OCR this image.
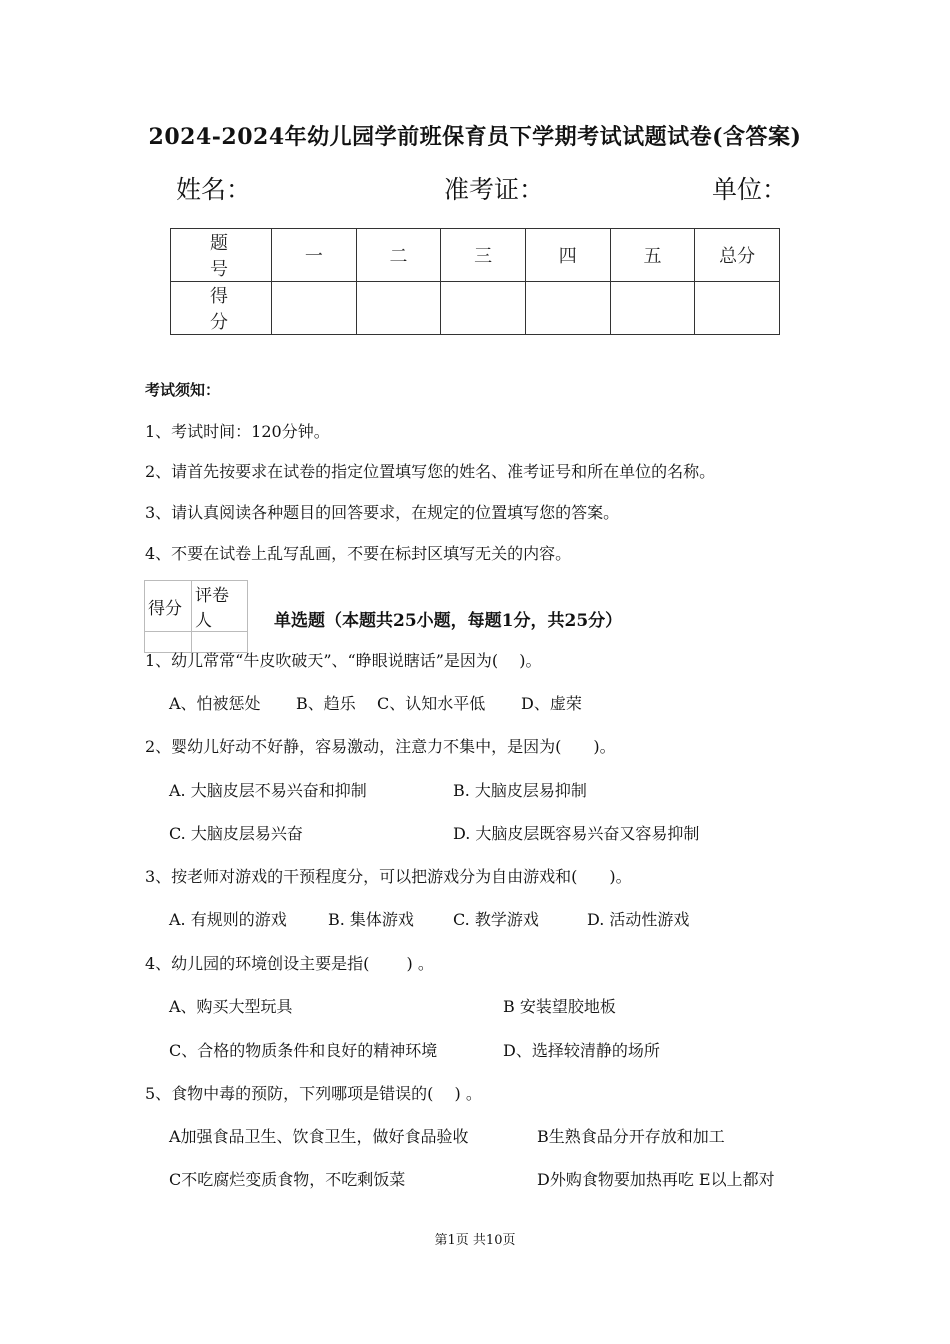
2024-2024年幼儿园学前班保育员下学期考试试题试卷(含答案)
姓名：	准考证：	单位：
题　号	一	二	三	四	五	总分
得　分						
考试须知：
1、考试时间：120分钟。
2、请首先按要求在试卷的指定位置填写您的姓名、准考证号和所在单位的名称。
3、请认真阅读各种题目的回答要求，在规定的位置填写您的答案。
4、不要在试卷上乱写乱画，不要在标封区填写无关的内容。
得分	评卷人
		单选题（本题共25小题，每题1分，共25分）
1、幼儿常常“牛皮吹破天”、“睁眼说瞎话”是因为(　 )。
A、怕被惩处 B、趋乐 C、认知水平低 D、虚荣
2、婴幼儿好动不好静，容易激动，注意力不集中，是因为(　　)。
A. 大脑皮层不易兴奋和抑制	B. 大脑皮层易抑制
C. 大脑皮层易兴奋	D. 大脑皮层既容易兴奋又容易抑制
3、按老师对游戏的干预程度分，可以把游戏分为自由游戏和(　　)。
A. 有规则的游戏	B. 集体游戏 C. 教学游戏	D. 活动性游戏
4、幼儿园的环境创设主要是指(　　 ) 。
A、购买大型玩具	B 安装望胶地板
C、合格的物质条件和良好的精神环境	D、选择较清静的场所
5、食物中毒的预防，下列哪项是错误的(　 ) 。
A加强食品卫生、饮食卫生，做好食品验收	B生熟食品分开存放和加工
C不吃腐烂变质食物，不吃剩饭菜	D外购食物要加热再吃 E以上都对
第1页 共10页
